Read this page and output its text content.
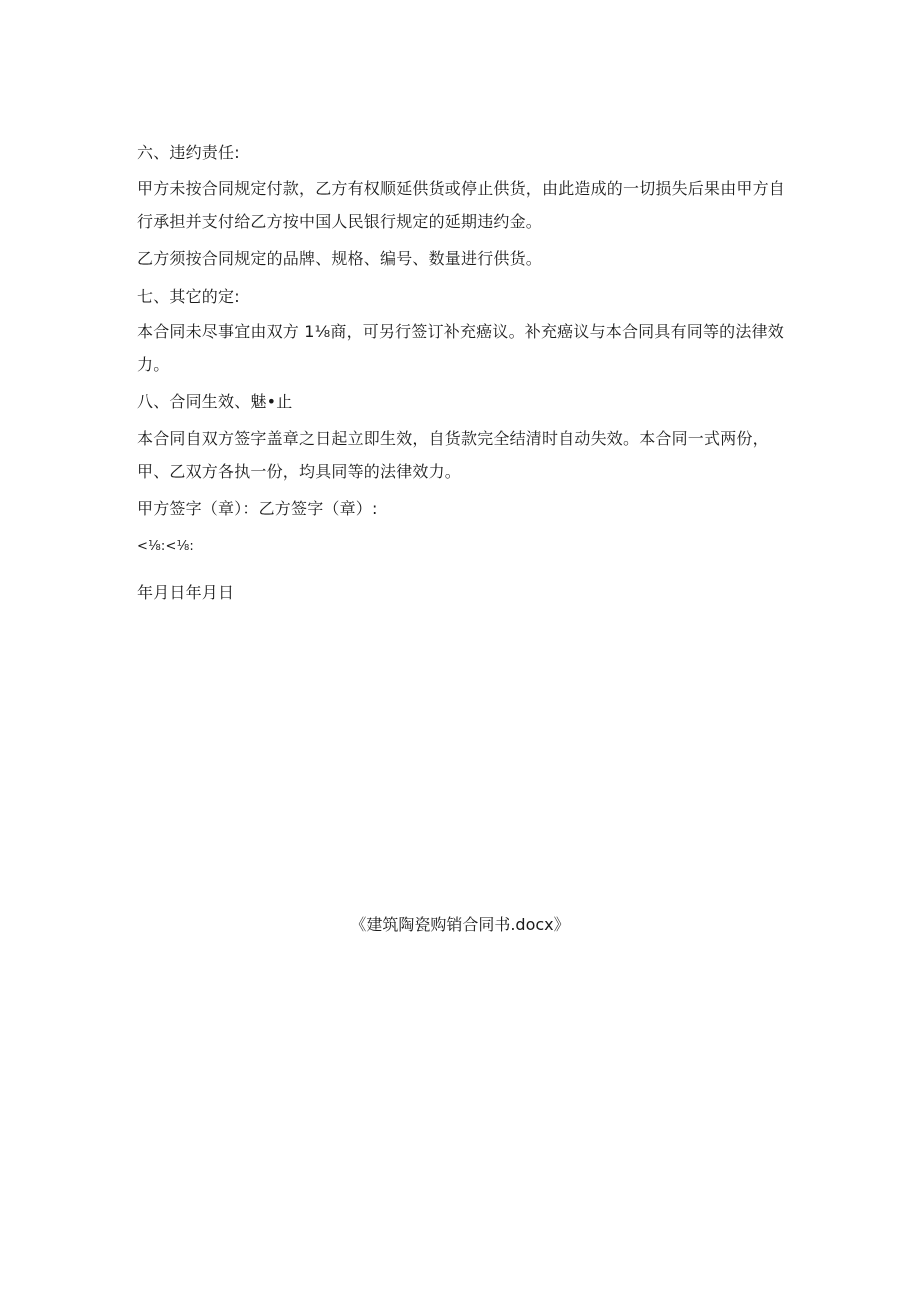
六、违约责任:

甲方未按合同规定付款，乙方有权顺延供货或停止供货，由此造成的一切损失后果由甲方自行承担并支付给乙方按中国人民银行规定的延期违约金。

乙方须按合同规定的品牌、规格、编号、数量进行供货。

七、其它的定:

本合同未尽事宜由双方 1⅛商，可另行签订补充癌议。补充癌议与本合同具有同等的法律效力。

八、合同生效、魅•止

本合同自双方签字盖章之日起立即生效，自货款完全结清时自动失效。本合同一式两份，甲、乙双方各执一份，均具同等的法律效力。

甲方签字（章）：乙方签字（章）:

<⅛:<⅛:

年月日年月日

《建筑陶瓷购销合同书.docx》
